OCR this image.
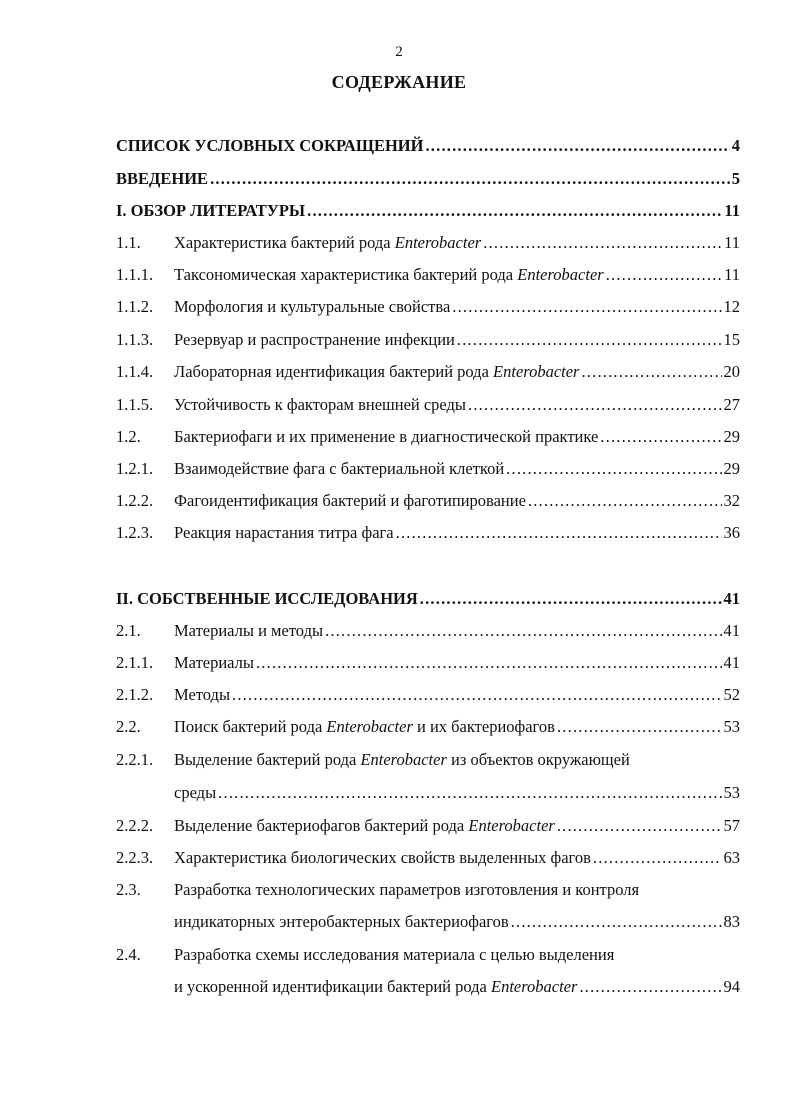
2
СОДЕРЖАНИЕ
СПИСОК УСЛОВНЫХ СОКРАЩЕНИЙ .....	4
ВВЕДЕНИЕ .....	5
I. ОБЗОР ЛИТЕРАТУРЫ .....	11
1.1.	Характеристика бактерий рода Enterobacter .....	11
1.1.1.	Таксономическая характеристика бактерий рода Enterobacter .....	11
1.1.2.	Морфология и культуральные свойства .....	12
1.1.3.	Резервуар и распространение инфекции .....	15
1.1.4.	Лабораторная идентификация бактерий рода Enterobacter .....	20
1.1.5.	Устойчивость к факторам внешней среды .....	27
1.2.	Бактериофаги и их применение в диагностической практике .....	29
1.2.1.	Взаимодействие фага с бактериальной клеткой .....	29
1.2.2.	Фагоидентификация бактерий и фаготипирование .....	32
1.2.3.	Реакция нарастания титра фага .....	36
II. СОБСТВЕННЫЕ ИССЛЕДОВАНИЯ .....	41
2.1.	Материалы и методы .....	41
2.1.1.	Материалы .....	41
2.1.2.	Методы .....	52
2.2.	Поиск бактерий рода Enterobacter и их бактериофагов .....	53
2.2.1.	Выделение бактерий рода Enterobacter из объектов окружающей
среды .....	53
2.2.2.	Выделение бактериофагов бактерий рода Enterobacter .....	57
2.2.3.	Характеристика биологических свойств выделенных фагов .....	63
2.3.	Разработка технологических параметров изготовления и контроля
индикаторных энтеробактерных бактериофагов .....	83
2.4.	Разработка схемы исследования материала с целью выделения
и ускоренной идентификации бактерий рода Enterobacter .....	94
